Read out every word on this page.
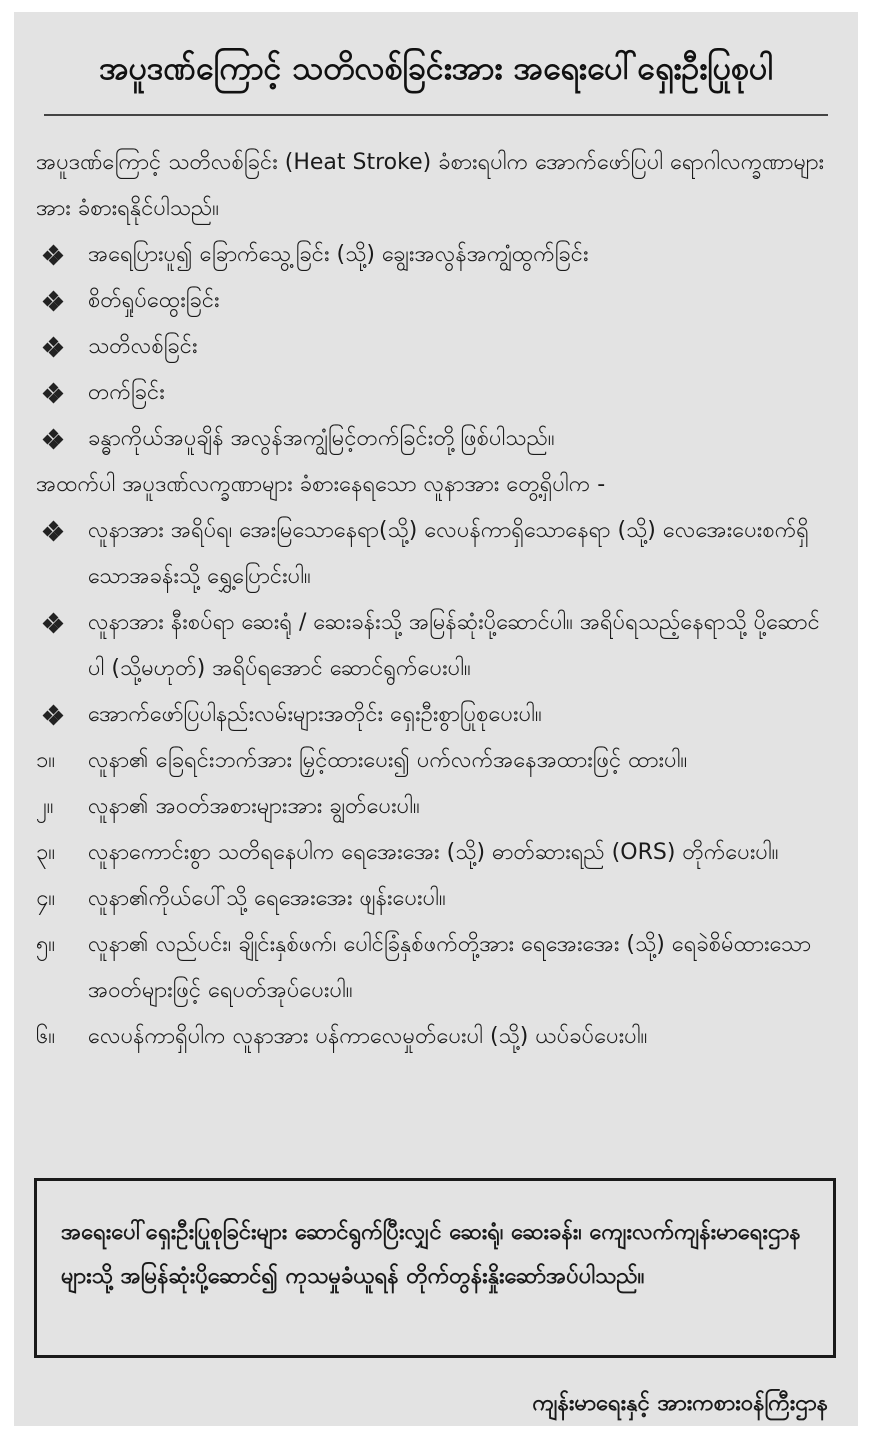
အပူဒဏ်ကြောင့် သတိလစ်ခြင်းအား အရေးပေါ်ရှေးဦးပြုစုပါ

အပူဒဏ်ကြောင့် သတိလစ်ခြင်း (Heat Stroke) ခံစားရပါက အောက်ဖော်ပြပါ ရောဂါလက္ခဏာများအား ခံစားရနိုင်ပါသည်။

အရေပြားပူ၍ ခြောက်သွေ့ခြင်း (သို့) ချွေးအလွန်အကျွံထွက်ခြင်း
စိတ်ရှုပ်ထွေးခြင်း
သတိလစ်ခြင်း
တက်ခြင်း
ခန္ဓာကိုယ်အပူချိန် အလွန်အကျွံမြင့်တက်ခြင်းတို့ဖြစ်ပါသည်။

အထက်ပါ အပူဒဏ်လက္ခဏာများ ခံစားနေရသော လူနာအား တွေ့ရှိပါက -

လူနာအား အရိပ်ရ၊ အေးမြသောနေရာ(သို့) လေပန်ကာရှိသောနေရာ (သို့) လေအေးပေးစက်ရှိသောအခန်းသို့ ရွှေ့ပြောင်းပါ။
လူနာအား နီးစပ်ရာ ဆေးရုံ / ဆေးခန်းသို့ အမြန်ဆုံးပို့ဆောင်ပါ။ အရိပ်ရသည့်နေရာသို့ ပို့ဆောင်ပါ (သို့မဟုတ်) အရိပ်ရအောင် ဆောင်ရွက်ပေးပါ။
အောက်ဖော်ပြပါနည်းလမ်းများအတိုင်း ရှေးဦးစွာပြုစုပေးပါ။
၁။	လူနာ၏ ခြေရင်းဘက်အား မြှင့်ထားပေး၍ ပက်လက်အနေအထားဖြင့် ထားပါ။
၂။	လူနာ၏ အဝတ်အစားများအား ချွတ်ပေးပါ။
၃။	လူနာကောင်းစွာ သတိရနေပါက ရေအေးအေး (သို့) ဓာတ်ဆားရည် (ORS) တိုက်ပေးပါ။
၄။	လူနာ၏ကိုယ်ပေါ်သို့ ရေအေးအေး ဖျန်းပေးပါ။
၅။	လူနာ၏ လည်ပင်း၊ ချိုင်းနှစ်ဖက်၊ ပေါင်ခြံနှစ်ဖက်တို့အား ရေအေးအေး (သို့) ရေခဲစိမ်ထားသော အဝတ်များဖြင့် ရေပတ်အုပ်ပေးပါ။
၆။	လေပန်ကာရှိပါက လူနာအား ပန်ကာလေမှုတ်ပေးပါ (သို့) ယပ်ခပ်ပေးပါ။
အရေးပေါ်ရှေးဦးပြုစုခြင်းများ ဆောင်ရွက်ပြီးလျှင် ဆေးရုံ၊ ဆေးခန်း၊ ကျေးလက်ကျန်းမာရေးဌာနများသို့ အမြန်ဆုံးပို့ဆောင်၍ ကုသမှုခံယူရန် တိုက်တွန်းနှိုးဆော်အပ်ပါသည်။
ကျန်းမာရေးနှင့် အားကစားဝန်ကြီးဌာန
